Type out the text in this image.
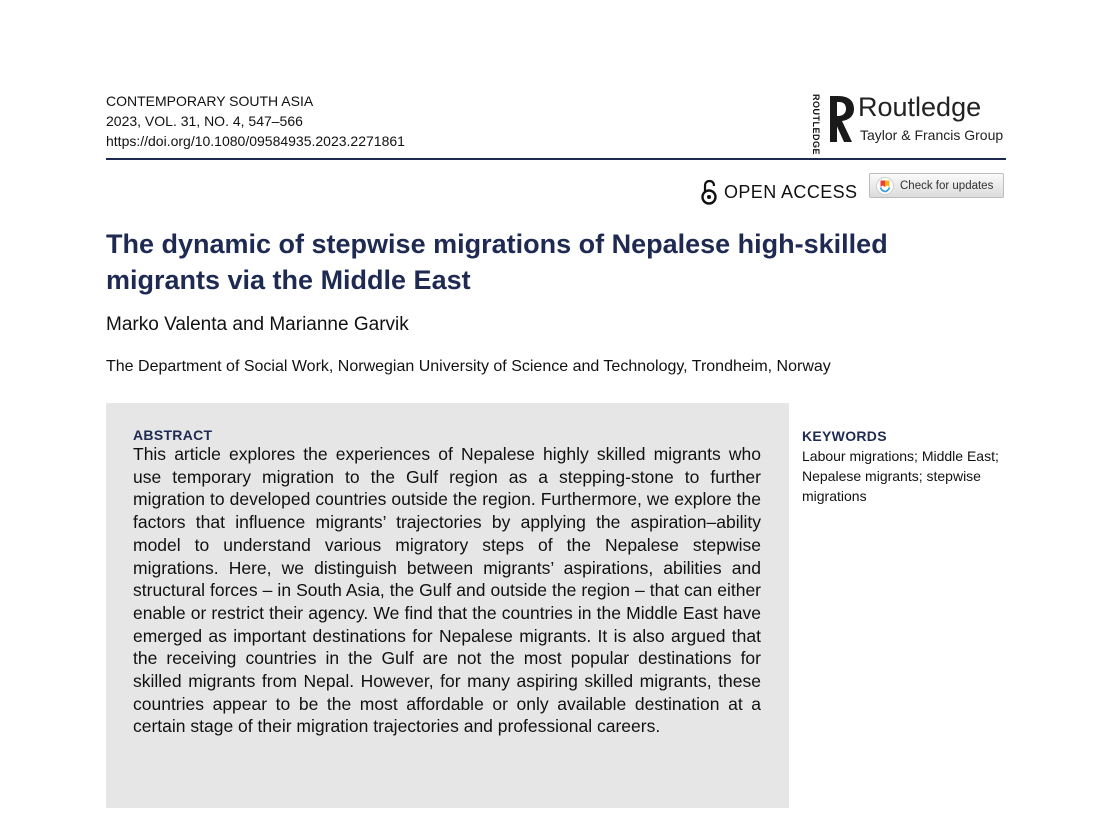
CONTEMPORARY SOUTH ASIA
2023, VOL. 31, NO. 4, 547–566
https://doi.org/10.1080/09584935.2023.2271861	ROUTLEDGE Routledge
Taylor & Francis Group
OPEN ACCESS	Check for updates
The dynamic of stepwise migrations of Nepalese high-skilled migrants via the Middle East
Marko Valenta and Marianne Garvik
The Department of Social Work, Norwegian University of Science and Technology, Trondheim, Norway
ABSTRACT

This article explores the experiences of Nepalese highly skilled migrants who use temporary migration to the Gulf region as a stepping-stone to further migration to developed countries outside the region. Furthermore, we explore the factors that influence migrants’ trajectories by applying the aspiration–ability model to understand various migratory steps of the Nepalese stepwise migrations. Here, we distinguish between migrants’ aspirations, abilities and structural forces – in South Asia, the Gulf and outside the region – that can either enable or restrict their agency. We find that the countries in the Middle East have emerged as important destinations for Nepalese migrants. It is also argued that the receiving countries in the Gulf are not the most popular destinations for skilled migrants from Nepal. However, for many aspiring skilled migrants, these countries appear to be the most affordable or only available destination at a certain stage of their migration trajectories and professional careers.

KEYWORDS
Labour migrations; Middle East; Nepalese migrants; stepwise migrations
